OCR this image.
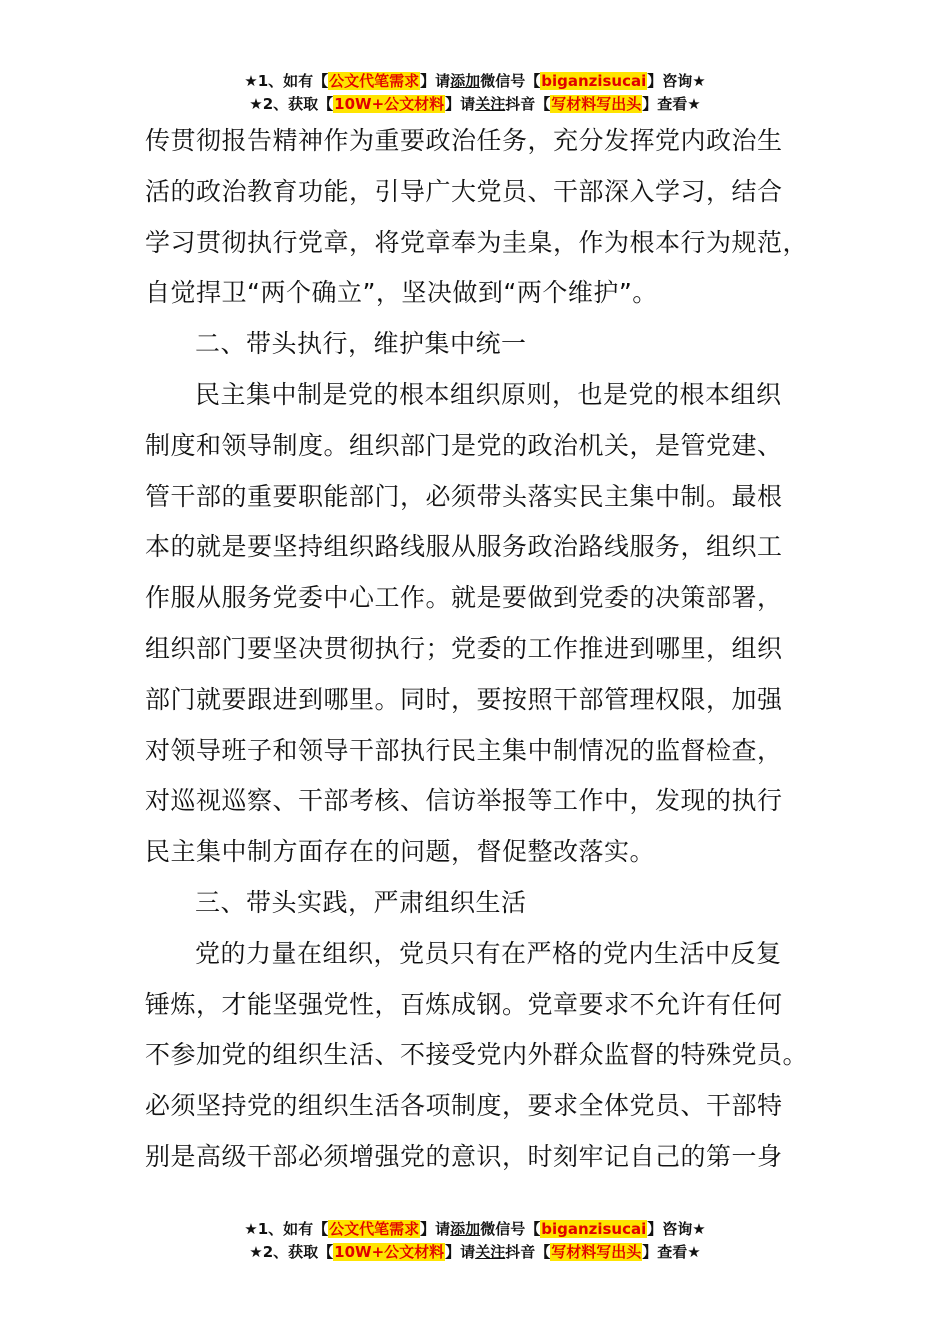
★1、如有【公文代笔需求】请添加微信号【biganzisucai】咨询★
★2、获取【10W+公文材料】请关注抖音【写材料写出头】查看★

传贯彻报告精神作为重要政治任务，充分发挥党内政治生
活的政治教育功能，引导广大党员、干部深入学习，结合
学习贯彻执行党章，将党章奉为圭臬，作为根本行为规范，
自觉捍卫“两个确立”，坚决做到“两个维护”。

二、带头执行，维护集中统一

民主集中制是党的根本组织原则，也是党的根本组织
制度和领导制度。组织部门是党的政治机关，是管党建、
管干部的重要职能部门，必须带头落实民主集中制。最根
本的就是要坚持组织路线服从服务政治路线服务，组织工
作服从服务党委中心工作。就是要做到党委的决策部署，
组织部门要坚决贯彻执行；党委的工作推进到哪里，组织
部门就要跟进到哪里。同时，要按照干部管理权限，加强
对领导班子和领导干部执行民主集中制情况的监督检查，
对巡视巡察、干部考核、信访举报等工作中，发现的执行
民主集中制方面存在的问题，督促整改落实。

三、带头实践，严肃组织生活

党的力量在组织，党员只有在严格的党内生活中反复
锤炼，才能坚强党性，百炼成钢。党章要求不允许有任何
不参加党的组织生活、不接受党内外群众监督的特殊党员。
必须坚持党的组织生活各项制度，要求全体党员、干部特
别是高级干部必须增强党的意识，时刻牢记自己的第一身

★1、如有【公文代笔需求】请添加微信号【biganzisucai】咨询★
★2、获取【10W+公文材料】请关注抖音【写材料写出头】查看★
